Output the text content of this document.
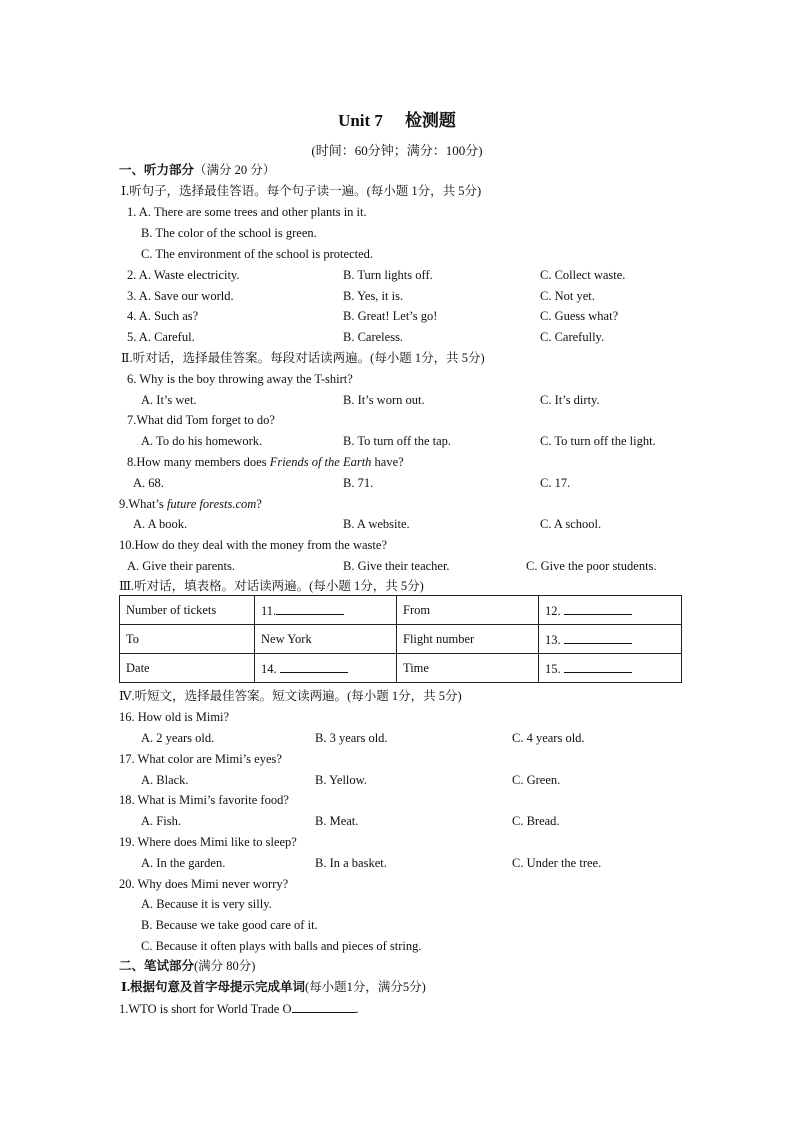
Unit 7 检测题
(时间：60分钟；满分：100分)
一、听力部分（满分 20 分）
Ⅰ.听句子，选择最佳答语。每个句子读一遍。(每小题 1分，共 5分)
1. A. There are some trees and other plants in it.
B. The color of the school is green.
C. The environment of the school is protected.
2. A. Waste electricity.	B. Turn lights off.	C. Collect waste.
3. A. Save our world.	B. Yes, it is.	C. Not yet.
4. A. Such as?	B. Great! Let’s go!	C. Guess what?
5. A. Careful.	B. Careless.	C. Carefully.
Ⅱ.听对话，选择最佳答案。每段对话读两遍。(每小题 1分，共 5分)
6. Why is the boy throwing away the T-shirt?
A. It’s wet.	B. It’s worn out.	C. It’s dirty.
7.What did Tom forget to do?
A. To do his homework.	B. To turn off the tap.	C. To turn off the light.
8.How many members does Friends of the Earth have?
A. 68.	B. 71.	C. 17.
9.What’s future forests.com?
A. A book.	B. A website.	C. A school.
10.How do they deal with the money from the waste?
A. Give their parents.	B. Give their teacher.	C. Give the poor students.
Ⅲ.听对话，填表格。对话读两遍。(每小题 1分，共 5分)
Number of tickets	11.	From	12.
To	New York	Flight number	13.
Date	14.	Time	15.
Ⅳ.听短文，选择最佳答案。短文读两遍。(每小题 1分，共 5分)
16. How old is Mimi?
A. 2 years old.	B. 3 years old.	C. 4 years old.
17. What color are Mimi’s eyes?
A. Black.	B. Yellow.	C. Green.
18. What is Mimi’s favorite food?
A. Fish.	B. Meat.	C. Bread.
19. Where does Mimi like to sleep?
A. In the garden.	B. In a basket.	C. Under the tree.
20. Why does Mimi never worry?
A. Because it is very silly.
B. Because we take good care of it.
C. Because it often plays with balls and pieces of string.
二、笔试部分(满分 80分)
Ⅰ.根据句意及首字母提示完成单词(每小题1分，满分5分)
1.WTO is short for World Trade O	.
